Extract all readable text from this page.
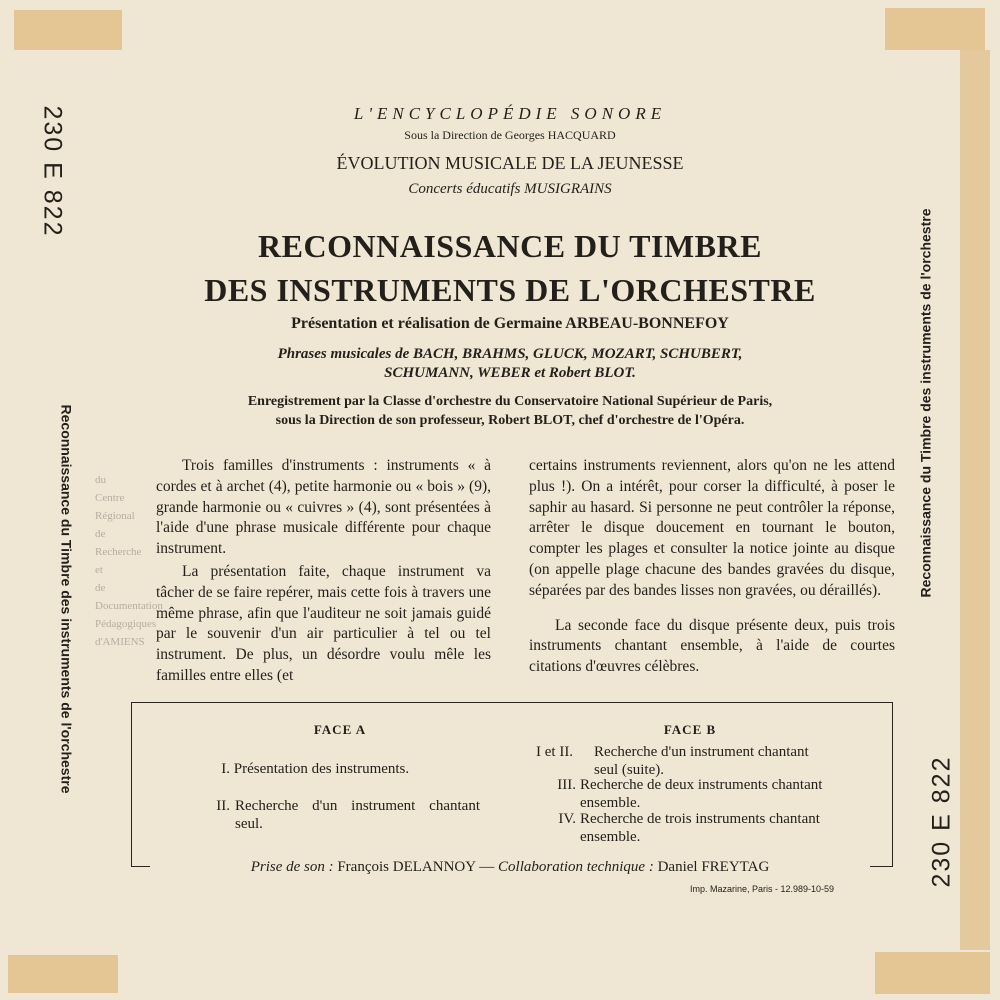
230 E 822
Reconnaissance du Timbre des instruments de l'orchestre du Centre Régional de Recherche et de Documentation Pédagogiques d'AMIENS
Reconnaissance du Timbre des instruments de l'orchestre
230 E 822
L'ENCYCLOPÉDIE SONORE
Sous la Direction de Georges HACQUARD
ÉVOLUTION MUSICALE DE LA JEUNESSE
Concerts éducatifs MUSIGRAINS
RECONNAISSANCE DU TIMBRE
DES INSTRUMENTS DE L'ORCHESTRE
Présentation et réalisation de Germaine ARBEAU-BONNEFOY
Phrases musicales de BACH, BRAHMS, GLUCK, MOZART, SCHUBERT,
SCHUMANN, WEBER et Robert BLOT.
Enregistrement par la Classe d'orchestre du Conservatoire National Supérieur de Paris,
sous la Direction de son professeur, Robert BLOT, chef d'orchestre de l'Opéra.

Trois familles d'instruments : instruments « à cordes et à archet (4), petite harmonie ou « bois » (9), grande harmonie ou « cuivres » (4), sont présentées à l'aide d'une phrase musicale différente pour chaque instrument.

La présentation faite, chaque instrument va tâcher de se faire repérer, mais cette fois à travers une même phrase, afin que l'auditeur ne soit jamais guidé par le souvenir d'un air particulier à tel ou tel instrument. De plus, un désordre voulu mêle les familles entre elles (et

certains instruments reviennent, alors qu'on ne les attend plus !). On a intérêt, pour corser la difficulté, à poser le saphir au hasard. Si personne ne peut contrôler la réponse, arrêter le disque doucement en tournant le bouton, compter les plages et consulter la notice jointe au disque (on appelle plage chacune des bandes gravées du disque, séparées par des bandes lisses non gravées, ou déraillés).

La seconde face du disque présente deux, puis trois instruments chantant ensemble, à l'aide de courtes citations d'œuvres célèbres.

FACE A
I. Présentation des instruments.
II. Recherche d'un instrument chantant seul.
FACE B
I et II.	Recherche d'un instrument chantant seul (suite).
III. Recherche de deux instruments chantant ensemble.
IV. Recherche de trois instruments chantant ensemble.
Prise de son : François DELANNOY — Collaboration technique : Daniel FREYTAG
Imp. Mazarine, Paris - 12.989-10-59
